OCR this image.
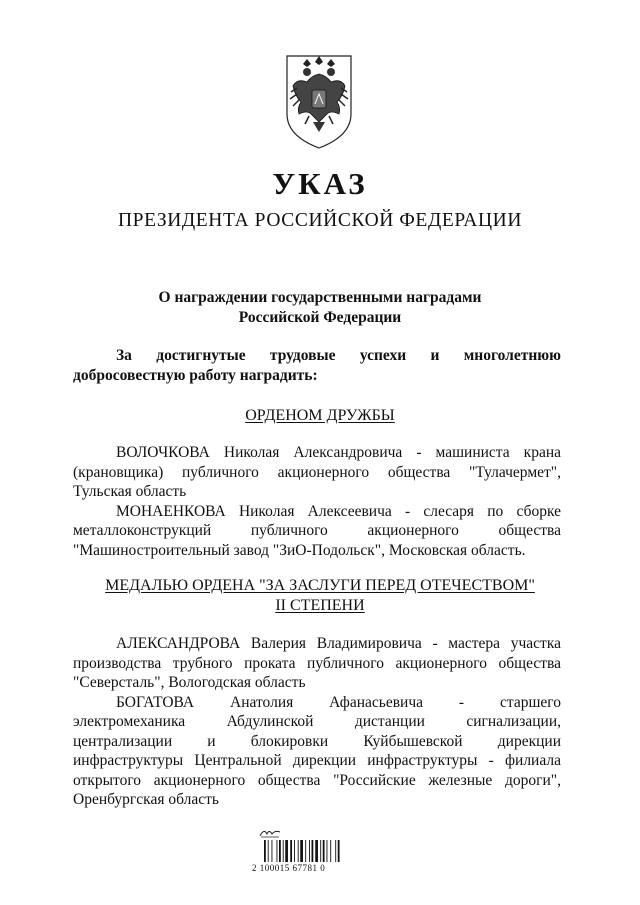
УКАЗ
ПРЕЗИДЕНТА РОССИЙСКОЙ ФЕДЕРАЦИИ
О награждении государственными наградами
Российской Федерации
За достигнутые трудовые успехи и многолетнюю
добросовестную работу наградить:
ОРДЕНОМ ДРУЖБЫ
ВОЛОЧКОВА Николая Александровича - машиниста крана
(крановщика) публичного акционерного общества "Тулачермет",
Тульская область
МОНАЕНКОВА Николая Алексеевича - слесаря по сборке
металлоконструкций публичного акционерного общества
"Машиностроительный завод "ЗиО-Подольск", Московская область.
МЕДАЛЬЮ ОРДЕНА "ЗА ЗАСЛУГИ ПЕРЕД ОТЕЧЕСТВОМ"
II СТЕПЕНИ
АЛЕКСАНДРОВА Валерия Владимировича - мастера участка
производства трубного проката публичного акционерного общества
"Северсталь", Вологодская область
БОГАТОВА Анатолия Афанасьевича - старшего
электромеханика Абдулинской дистанции сигнализации,
централизации и блокировки Куйбышевской дирекции
инфраструктуры Центральной дирекции инфраструктуры - филиала
открытого акционерного общества "Российские железные дороги",
Оренбургская область
2 100015 67781 0
